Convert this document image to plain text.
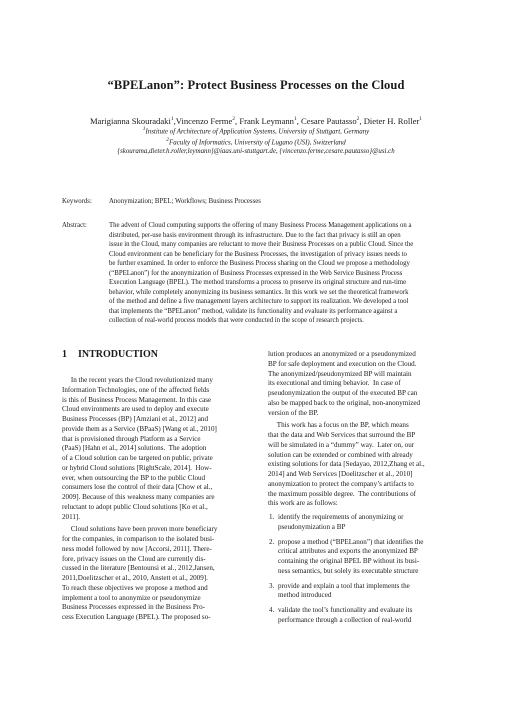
“BPELanon”: Protect Business Processes on the Cloud
Marigianna Skouradaki$^1$,Vincenzo Ferme$^2$, Frank Leymann$^1$, Cesare Pautasso$^2$, Dieter H. Roller$^1$
$^1$Institute of Architecture of Application Systems, University of Stuttgart, Germany
$^2$Faculty of Informatics, University of Lugano (USI), Switzerland
{skourama,dieter.h.roller,leymann}@iaas.uni-stuttgart.de, {vincenzo.ferme,cesare.pautasso}@usi.ch
Keywords:	Anonymization; BPEL; Workflows; Business Processes
Abstract:	The advent of Cloud computing supports the offering of many Business Process Management applications on a
distributed, per-use basis environment through its infrastructure. Due to the fact that privacy is still an open
issue in the Cloud, many companies are reluctant to move their Business Processes on a public Cloud. Since the
Cloud environment can be beneficiary for the Business Processes, the investigation of privacy issues needs to
be further examined. In order to enforce the Business Process sharing on the Cloud we propose a methodology
(“BPELanon”) for the anonymization of Business Processes expressed in the Web Service Business Process
Execution Language (BPEL). The method transforms a process to preserve its original structure and run-time
behavior, while completely anonymizing its business semantics. In this work we set the theoretical framework
of the method and define a five management layers architecture to support its realization. We developed a tool
that implements the “BPELanon” method, validate its functionality and evaluate its performance against a
collection of real-world process models that were conducted in the scope of research projects.
1 INTRODUCTION
In the recent years the Cloud revolutionized many
Information Technologies, one of the affected fields
is this of Business Process Management. In this case
Cloud environments are used to deploy and execute
Business Processes (BP) [Amziani et al., 2012] and
provide them as a Service (BPaaS) [Wang et al., 2010]
that is provisioned through Platform as a Service
(PaaS) [Hahn et al., 2014] solutions.  The adoption
of a Cloud solution can be targeted on public, private
or hybrid Cloud solutions [RightScale, 2014].  How-
ever, when outsourcing the BP to the public Cloud
consumers lose the control of their data [Chow et al.,
2009]. Because of this weakness many companies are
reluctant to adopt public Cloud solutions [Ko et al.,
2011].
Cloud solutions have been proven more beneficiary
for the companies, in comparison to the isolated busi-
ness model followed by now [Accorsi, 2011]. There-
fore, privacy issues on the Cloud are currently dis-
cussed in the literature [Bentounsi et al., 2012,Jansen,
2011,Doelitzscher et al., 2010, Anstett et al., 2009].
To reach these objectives we propose a method and
implement a tool to anonymize or pseudonymize
Business Processes expressed in the Business Pro-
cess Execution Language (BPEL). The proposed so-
lution produces an anonymized or a pseudonymized
BP for safe deployment and execution on the Cloud.
The anonymized/pseudonymized BP will maintain
its executional and timing behavior.  In case of
pseudonymization the output of the executed BP can
also be mapped back to the original, non-anonymized
version of the BP.
This work has a focus on the BP, which means
that the data and Web Services that surround the BP
will be simulated in a “dummy” way.  Later on, our
solution can be extended or combined with already
existing solutions for data [Sedayao, 2012,Zhang et al.,
2014] and Web Services [Doelitzscher et al., 2010]
anonymization to protect the company’s artifacts to
the maximum possible degree.  The contributions of
this work are as follows:
1. identify the requirements of anonymizing or
pseudonymization a BP
2. propose a method (“BPELanon”) that identifies the
critical attributes and exports the anonymized BP
containing the original BPEL BP without its busi-
ness semantics, but solely its executable structure
3. provide and explain a tool that implements the
method introduced
4. validate the tool’s functionality and evaluate its
performance through a collection of real-world
